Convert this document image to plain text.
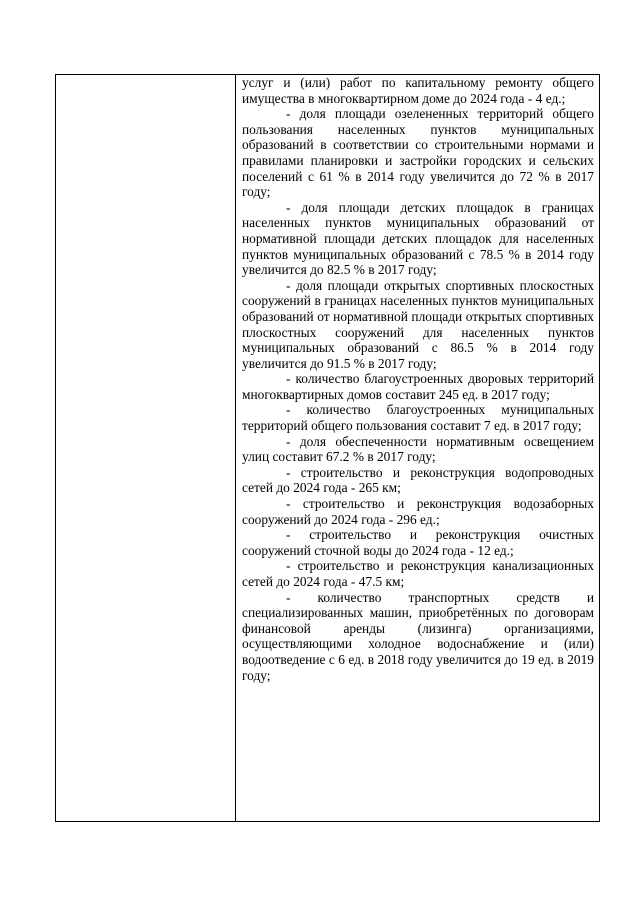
услуг и (или) работ по капитальному ремонту общего имущества в многоквартирном доме до 2024 года - 4 ед.;

- доля площади озелененных территорий общего пользования населенных пунктов муниципальных образований в соответствии со строительными нормами и правилами планировки и застройки городских и сельских поселений с 61 % в 2014 году увеличится до 72 % в 2017 году;

- доля площади детских площадок в границах населенных пунктов муниципальных образований от нормативной площади детских площадок для населенных пунктов муниципальных образований с 78.5 % в 2014 году увеличится до 82.5 % в 2017 году;

- доля площади открытых спортивных плоскостных сооружений в границах населенных пунктов муниципальных образований от нормативной площади открытых спортивных плоскостных сооружений для населенных пунктов муниципальных образований с 86.5 % в 2014 году увеличится до 91.5 % в 2017 году;

- количество благоустроенных дворовых территорий многоквартирных домов составит 245 ед. в 2017 году;

- количество благоустроенных муниципальных территорий общего пользования составит 7 ед. в 2017 году;

- доля обеспеченности нормативным освещением улиц составит 67.2 % в 2017 году;

- строительство и реконструкция водопроводных сетей до 2024 года - 265 км;

- строительство и реконструкция водозаборных сооружений до 2024 года - 296 ед.;

- строительство и реконструкция очистных сооружений сточной воды до 2024 года - 12 ед.;

- строительство и реконструкция канализационных сетей до 2024 года - 47.5 км;

- количество транспортных средств и специализированных машин, приобретённых по договорам финансовой аренды (лизинга) организациями, осуществляющими холодное водоснабжение и (или) водоотведение с 6 ед. в 2018 году увеличится до 19 ед. в 2019 году;
